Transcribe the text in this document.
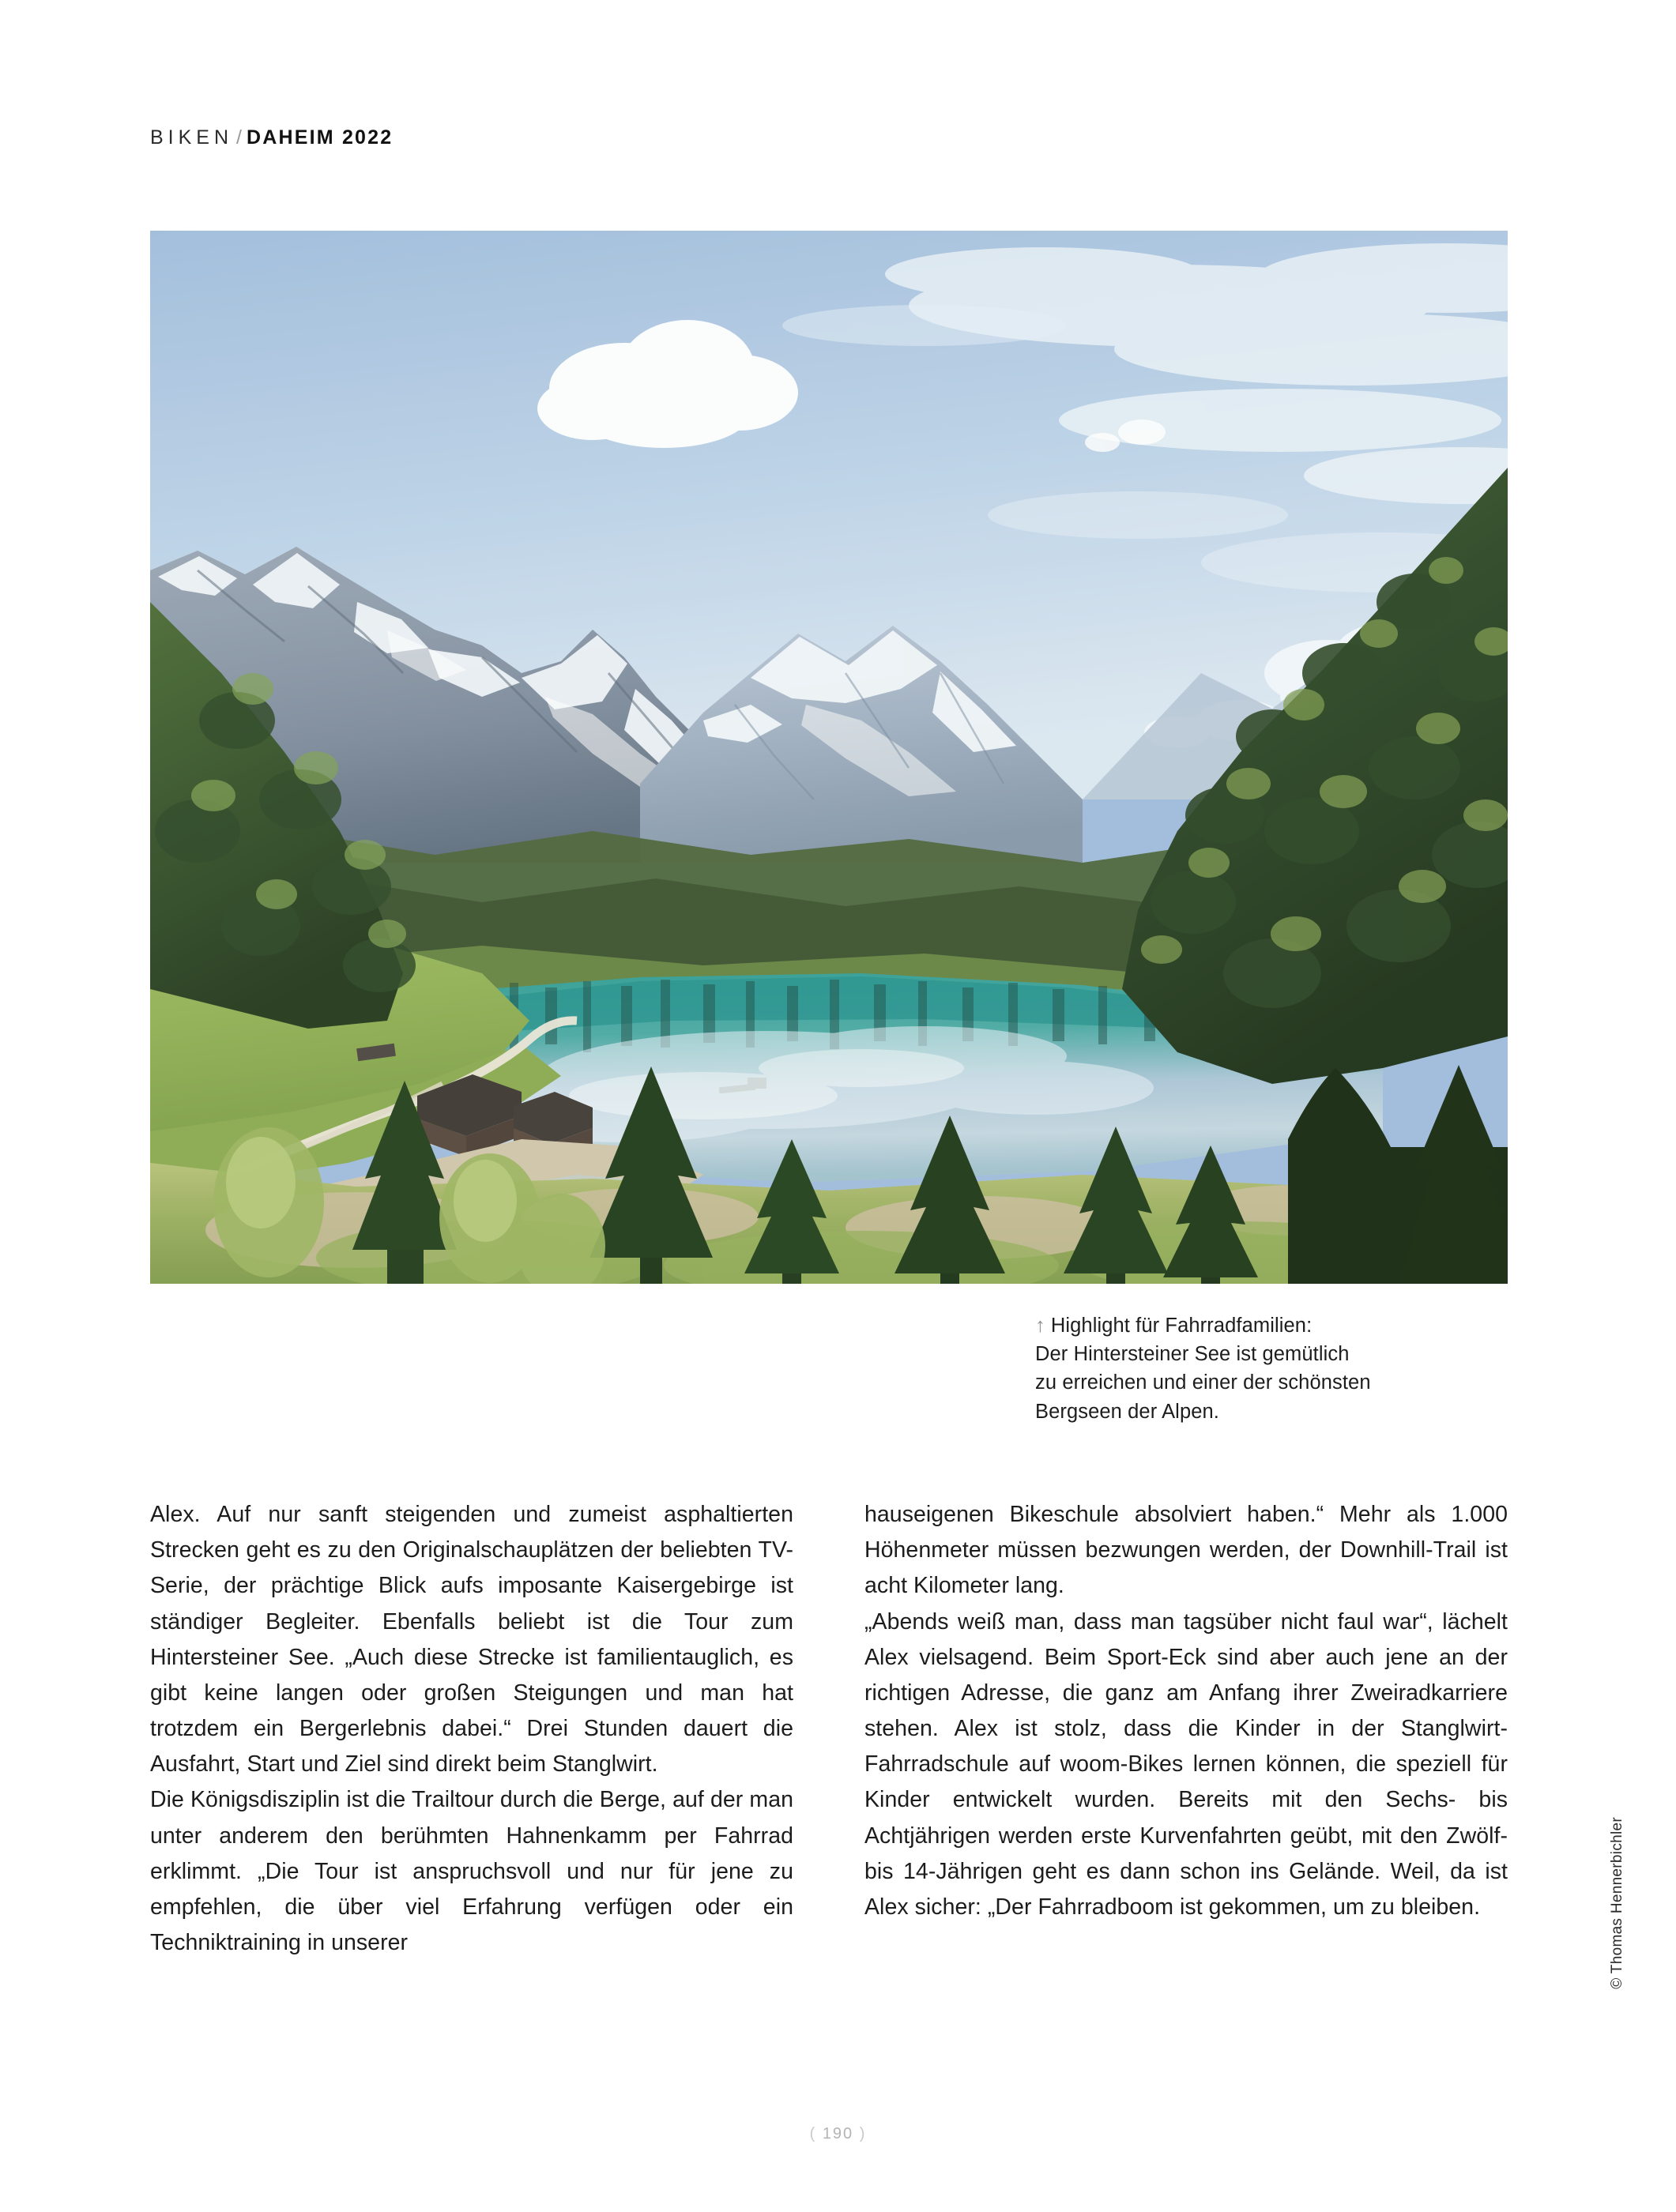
BIKEN / DAHEIM 2022
↑ Highlight für Fahrradfamilien:
Der Hintersteiner See ist gemütlich
zu erreichen und einer der schönsten
Bergseen der Alpen.

Alex. Auf nur sanft steigenden und zumeist asphaltierten Strecken geht es zu den Originalschauplätzen der beliebten TV-Serie, der prächtige Blick aufs imposante Kaisergebirge ist ständiger Begleiter. Ebenfalls beliebt ist die Tour zum Hintersteiner See. „Auch diese Strecke ist familientauglich, es gibt keine langen oder großen Steigungen und man hat trotzdem ein Bergerlebnis dabei.“ Drei Stunden dauert die Ausfahrt, Start und Ziel sind direkt beim Stanglwirt.

Die Königsdisziplin ist die Trailtour durch die Berge, auf der man unter anderem den berühmten Hahnenkamm per Fahrrad erklimmt. „Die Tour ist anspruchsvoll und nur für jene zu empfehlen, die über viel Erfahrung verfügen oder ein Techniktraining in unserer

hauseigenen Bikeschule absolviert haben.“ Mehr als 1.000 Höhenmeter müssen bezwungen werden, der Downhill-Trail ist acht Kilometer lang.

„Abends weiß man, dass man tagsüber nicht faul war“, lächelt Alex vielsagend. Beim Sport-Eck sind aber auch jene an der richtigen Adresse, die ganz am Anfang ihrer Zweiradkarriere stehen. Alex ist stolz, dass die Kinder in der Stanglwirt-Fahrradschule auf woom-Bikes lernen können, die speziell für Kinder entwickelt wurden. Bereits mit den Sechs- bis Achtjährigen werden erste Kurvenfahrten geübt, mit den Zwölf- bis 14-Jährigen geht es dann schon ins Gelände. Weil, da ist Alex sicher: „Der Fahrradboom ist gekommen, um zu bleiben.	© Thomas Hennerbichler
( 190 )
